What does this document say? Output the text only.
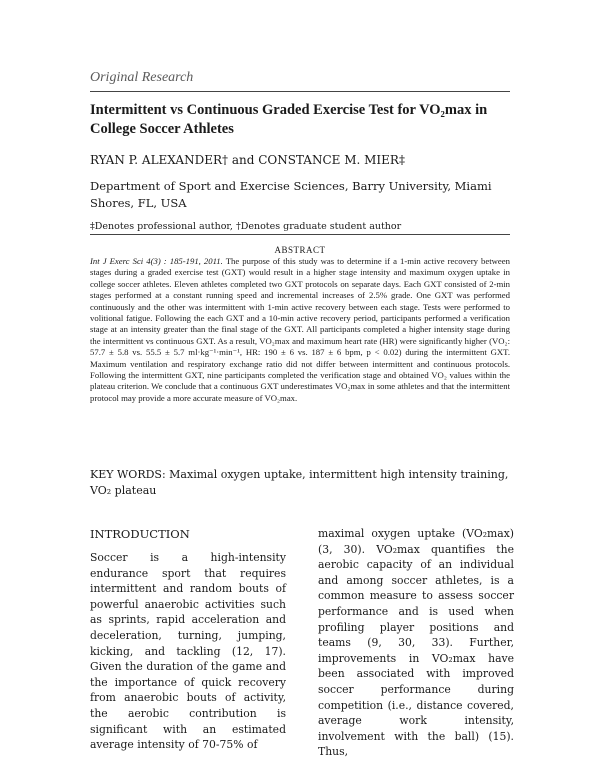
Original Research
Intermittent vs Continuous Graded Exercise Test for VO₂max in College Soccer Athletes
RYAN P. ALEXANDER† and CONSTANCE M. MIER‡
Department of Sport and Exercise Sciences, Barry University, Miami Shores, FL, USA
‡Denotes professional author, †Denotes graduate student author
ABSTRACT

Int J Exerc Sci 4(3) : 185-191, 2011. The purpose of this study was to determine if a 1-min active recovery between stages during a graded exercise test (GXT) would result in a higher stage intensity and maximum oxygen uptake in college soccer athletes. Eleven athletes completed two GXT protocols on separate days. Each GXT consisted of 2-min stages performed at a constant running speed and incremental increases of 2.5% grade. One GXT was performed continuously and the other was intermittent with 1-min active recovery between each stage. Tests were performed to volitional fatigue. Following the each GXT and a 10-min active recovery period, participants performed a verification stage at an intensity greater than the final stage of the GXT. All participants completed a higher intensity stage during the intermittent vs continuous GXT. As a result, VO₂max and maximum heart rate (HR) were significantly higher (VO₂: 57.7 ± 5.8 vs. 55.5 ± 5.7 ml·kg⁻¹·min⁻¹, HR: 190 ± 6 vs. 187 ± 6 bpm, p < 0.02) during the intermittent GXT. Maximum ventilation and respiratory exchange ratio did not differ between intermittent and continuous protocols. Following the intermittent GXT, nine participants completed the verification stage and obtained VO₂ values within the plateau criterion. We conclude that a continuous GXT underestimates VO₂max in some athletes and that the intermittent protocol may provide a more accurate measure of VO₂max.

KEY WORDS: Maximal oxygen uptake, intermittent high intensity training, VO₂ plateau
INTRODUCTION

Soccer is a high-intensity endurance sport that requires intermittent and random bouts of powerful anaerobic activities such as sprints, rapid acceleration and deceleration, turning, jumping, kicking, and tackling (12, 17). Given the duration of the game and the importance of quick recovery from anaerobic bouts of activity, the aerobic contribution is significant with an estimated average intensity of 70-75% of

maximal oxygen uptake (VO₂max) (3, 30). VO₂max quantifies the aerobic capacity of an individual and among soccer athletes, is a common measure to assess soccer performance and is used when profiling player positions and teams (9, 30, 33). Further, improvements in VO₂max have been associated with improved soccer performance during competition (i.e., distance covered, average work intensity, involvement with the ball) (15). Thus,
